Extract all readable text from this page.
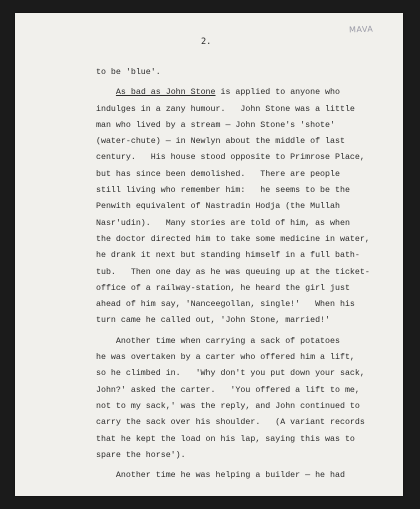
MAVA
2.
to be 'blue'.
As bad as John Stone is applied to anyone who
indulges in a zany humour.   John Stone was a little
man who lived by a stream — John Stone's 'shote'
(water-chute) — in Newlyn about the middle of last
century.   His house stood opposite to Primrose Place,
but has since been demolished.   There are people
still living who remember him:   he seems to be the
Penwith equivalent of Nastradin Hodja (the Mullah
Nasr'udin).   Many stories are told of him, as when
the doctor directed him to take some medicine in water,
he drank it next but standing himself in a full bath-
tub.   Then one day as he was queuing up at the ticket-
office of a railway-station, he heard the girl just
ahead of him say, 'Nanceegollan, single!'   When his
turn came he called out, 'John Stone, married!'
Another time when carrying a sack of potatoes
he was overtaken by a carter who offered him a lift,
so he climbed in.   'Why don't you put down your sack,
John?' asked the carter.   'You offered a lift to me,
not to my sack,' was the reply, and John continued to
carry the sack over his shoulder.   (A variant records
that he kept the load on his lap, saying this was to
spare the horse').
Another time he was helping a builder — he had
